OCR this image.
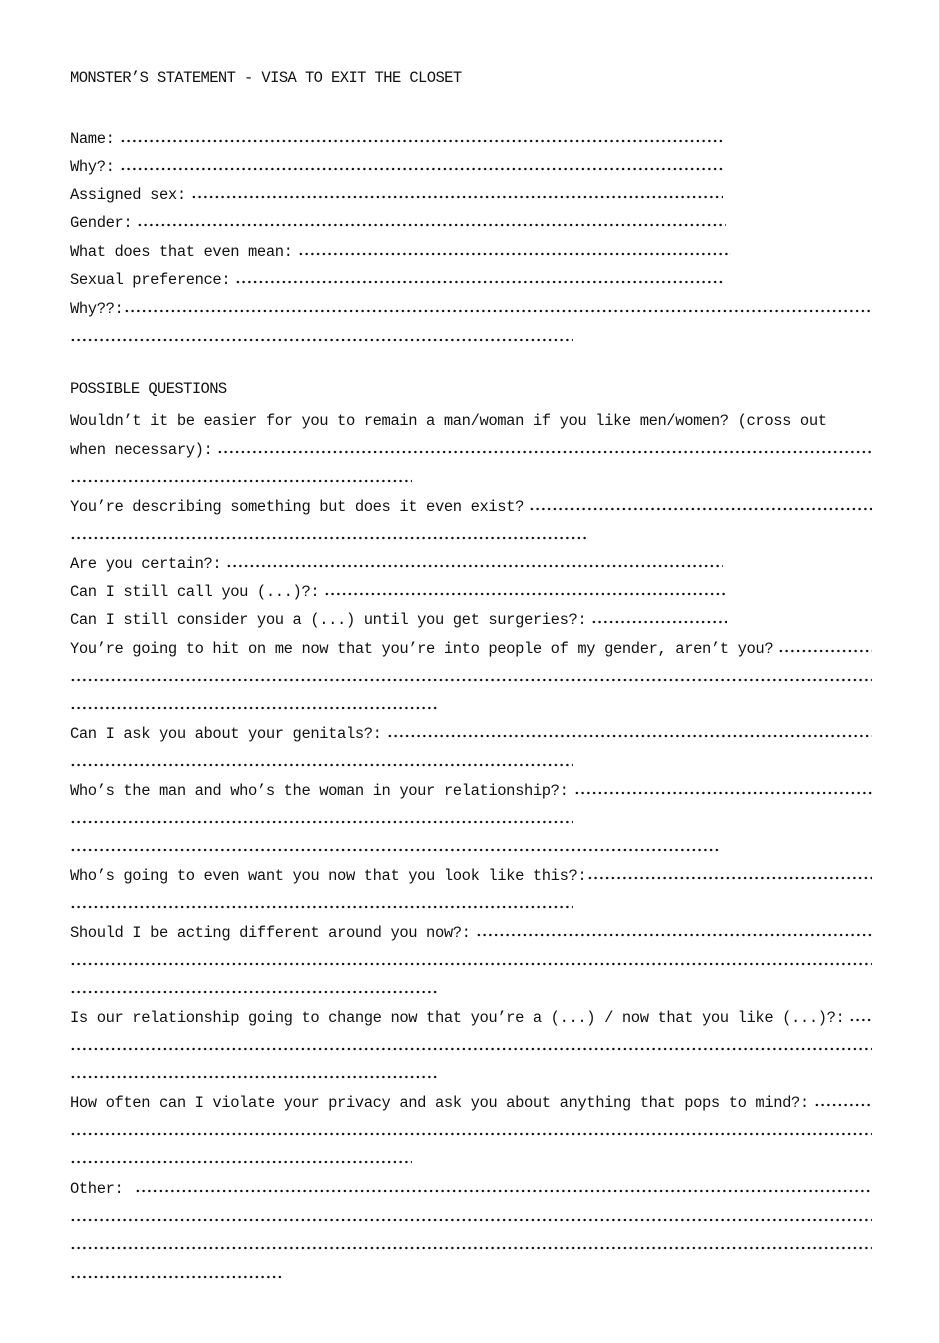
MONSTER’S STATEMENT - VISA TO EXIT THE CLOSET
Name:
Why?:
Assigned sex:
Gender:
What does that even mean:
Sexual preference:
Why??:
POSSIBLE QUESTIONS
Wouldn’t it be easier for you to remain a man/woman if you like men/women? (cross out
when necessary):
You’re describing something but does it even exist?
Are you certain?:
Can I still call you (...)?:
Can I still consider you a (...) until you get surgeries?:
You’re going to hit on me now that you’re into people of my gender, aren’t you?
Can I ask you about your genitals?:
Who’s the man and who’s the woman in your relationship?:
Who’s going to even want you now that you look like this?:
Should I be acting different around you now?:
Is our relationship going to change now that you’re a (...) / now that you like (...)?:
How often can I violate your privacy and ask you about anything that pops to mind?:
Other:
